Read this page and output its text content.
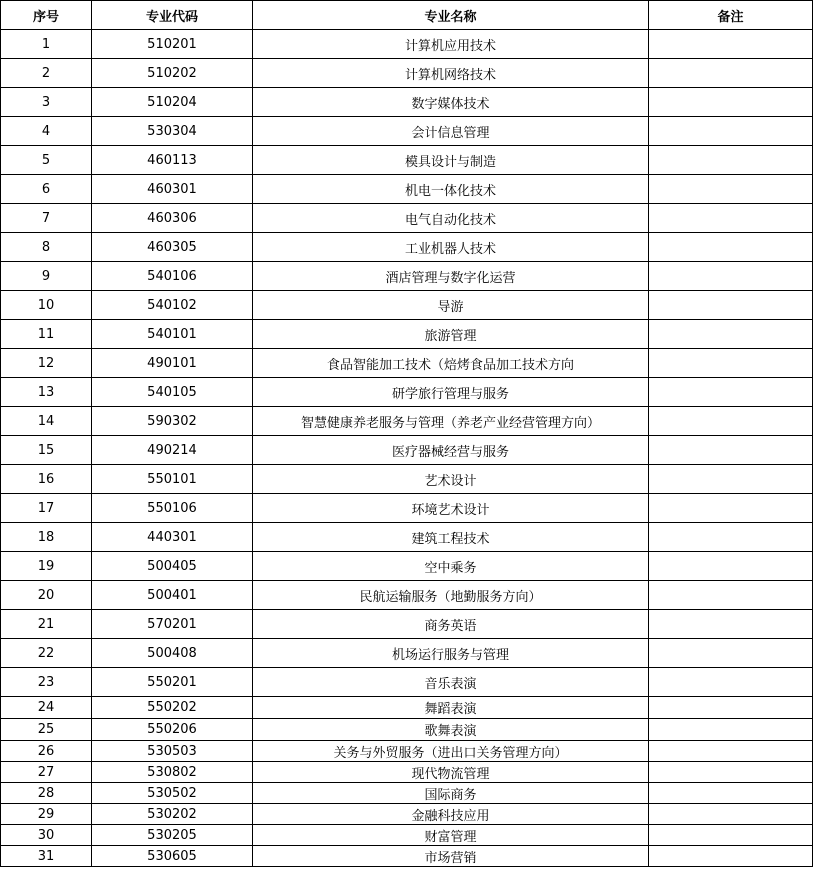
序号	专业代码	专业名称	备注
1	510201	计算机应用技术	
2	510202	计算机网络技术	
3	510204	数字媒体技术	
4	530304	会计信息管理	
5	460113	模具设计与制造	
6	460301	机电一体化技术	
7	460306	电气自动化技术	
8	460305	工业机器人技术	
9	540106	酒店管理与数字化运营	
10	540102	导游	
11	540101	旅游管理	
12	490101	食品智能加工技术（焙烤食品加工技术方向	
13	540105	研学旅行管理与服务	
14	590302	智慧健康养老服务与管理（养老产业经营管理方向）	
15	490214	医疗器械经营与服务	
16	550101	艺术设计	
17	550106	环境艺术设计	
18	440301	建筑工程技术	
19	500405	空中乘务	
20	500401	民航运输服务（地勤服务方向）	
21	570201	商务英语	
22	500408	机场运行服务与管理	
23	550201	音乐表演	
24	550202	舞蹈表演	
25	550206	歌舞表演	
26	530503	关务与外贸服务（进出口关务管理方向）	
27	530802	现代物流管理	
28	530502	国际商务	
29	530202	金融科技应用	
30	530205	财富管理	
31	530605	市场营销	
